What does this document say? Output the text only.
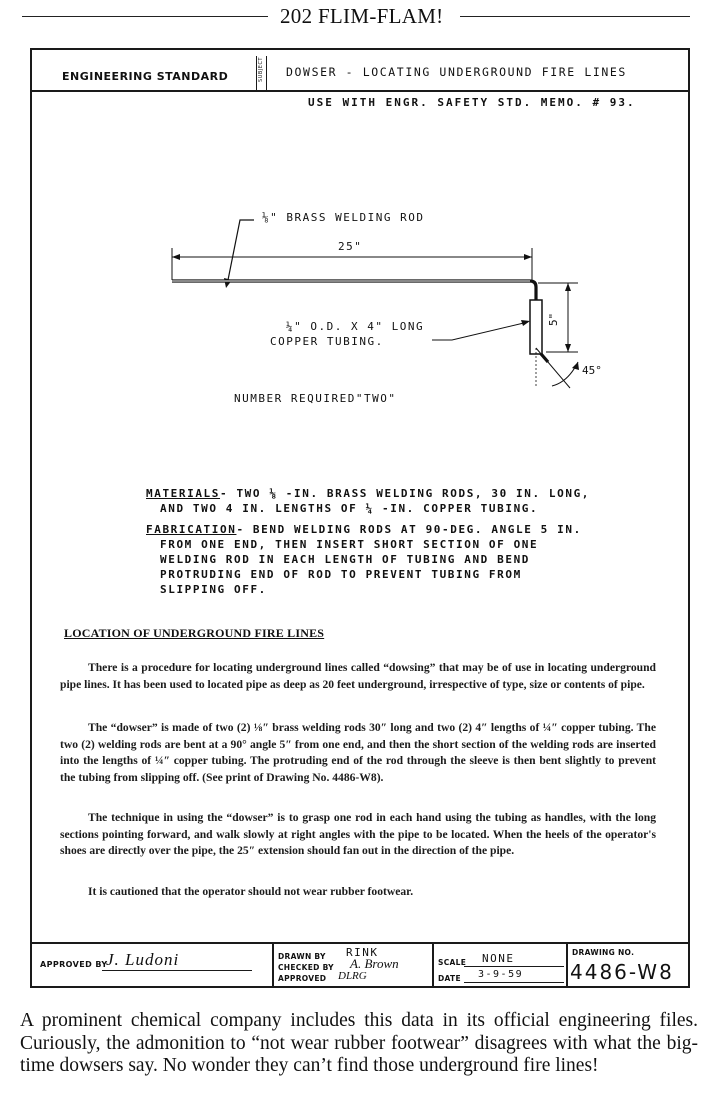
202 FLIM-FLAM!
ENGINEERING STANDARD	SUBJECT DOWSER - LOCATING UNDERGROUND FIRE LINES
USE WITH ENGR. SAFETY STD. MEMO. # 93.
⅛" BRASS WELDING ROD
25"
5"
45°
¼" O.D. X 4" LONG
COPPER TUBING.
NUMBER REQUIRED"TWO"
MATERIALS- TWO ⅛ -IN. BRASS WELDING RODS, 30 IN. LONG,
AND TWO 4 IN. LENGTHS OF ¼ -IN. COPPER TUBING.
FABRICATION- BEND WELDING RODS AT 90-DEG. ANGLE 5 IN.
FROM ONE END, THEN INSERT SHORT SECTION OF ONE
WELDING ROD IN EACH LENGTH OF TUBING AND BEND
PROTRUDING END OF ROD TO PREVENT TUBING FROM
SLIPPING OFF.
LOCATION OF UNDERGROUND FIRE LINES
There is a procedure for locating underground lines called “dowsing” that may be of use in locating underground pipe lines. It has been used to located pipe as deep as 20 feet underground, irrespective of type, size or contents of pipe.
The “dowser” is made of two (2) ⅛″ brass welding rods 30″ long and two (2) 4″ lengths of ¼″ copper tubing. The two (2) welding rods are bent at a 90° angle 5″ from one end, and then the short section of the welding rods are inserted into the lengths of ¼″ copper tubing. The protruding end of the rod through the sleeve is then bent slightly to prevent the tubing from slipping off. (See print of Drawing No. 4486-W8).
The technique in using the “dowser” is to grasp one rod in each hand using the tubing as handles, with the long sections pointing forward, and walk slowly at right angles with the pipe to be located. When the heels of the operator's shoes are directly over the pipe, the 25″ extension should fan out in the direction of the pipe.
It is cautioned that the operator should not wear rubber footwear.
APPROVED BY
J. Ludoni	DRAWN BY RINK
CHECKED BY A. Brown
APPROVED DLRG
SCALE NONE
DATE 3-9-59
DRAWING NO.
4486-W8
A prominent chemical company includes this data in its official engineering files. Curiously, the admonition to “not wear rubber footwear” disagrees with what the big-time dowsers say. No wonder they can’t find those underground fire lines!
